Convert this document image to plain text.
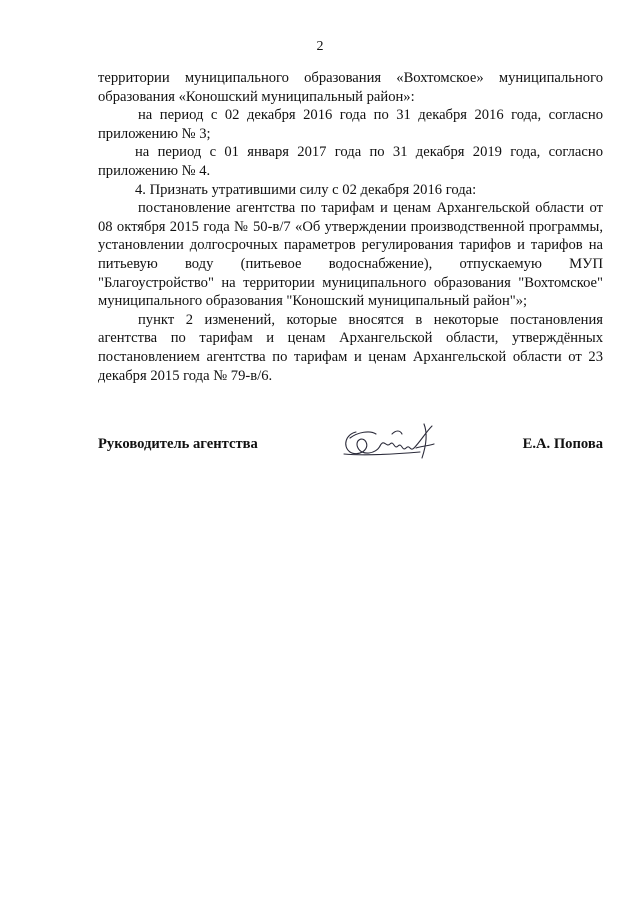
2

территории муниципального образования «Вохтомское» муниципального образования «Коношский муниципальный район»:

на период с 02 декабря 2016 года по 31 декабря 2016 года, согласно приложению № 3;

на период с 01 января 2017 года по 31 декабря 2019 года, согласно приложению № 4.

4. Признать утратившими силу с 02 декабря 2016 года:

постановление агентства по тарифам и ценам Архангельской области от 08 октября 2015 года № 50-в/7 «Об утверждении производственной программы, установлении долгосрочных параметров регулирования тарифов и тарифов на питьевую воду (питьевое водоснабжение), отпускаемую МУП "Благоустройство" на территории муниципального образования "Вохтомское" муниципального образования "Коношский муниципальный район"»;

пункт 2 изменений, которые вносятся в некоторые постановления агентства по тарифам и ценам Архангельской области, утверждённых постановлением агентства по тарифам и ценам Архангельской области от 23 декабря 2015 года № 79-в/6.

Руководитель агентства	Е.А. Попова
